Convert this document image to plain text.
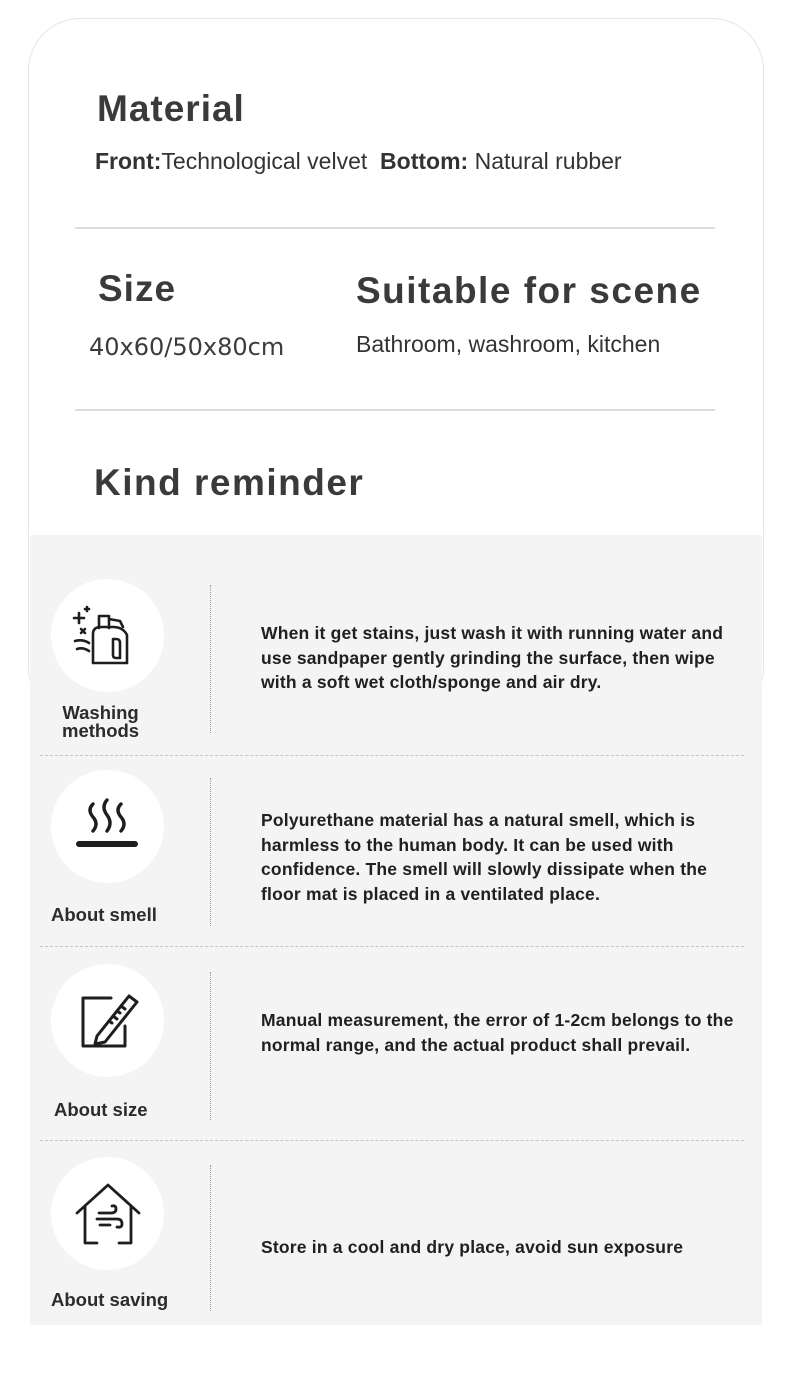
Material
Front:Technological velvet Bottom: Natural rubber
Size
40x60/50x80cm
Suitable for scene
Bathroom, washroom, kitchen
Kind reminder
Washing
methods
When it get stains, just wash it with running water and use sandpaper gently grinding the surface, then wipe with a soft wet cloth/sponge and air dry.
About smell
Polyurethane material has a natural smell, which is harmless to the human body. It can be used with confidence. The smell will slowly dissipate when the floor mat is placed in a ventilated place.
About size
Manual measurement, the error of 1-2cm belongs to the normal range, and the actual product shall prevail.
About saving
Store in a cool and dry place, avoid sun exposure
